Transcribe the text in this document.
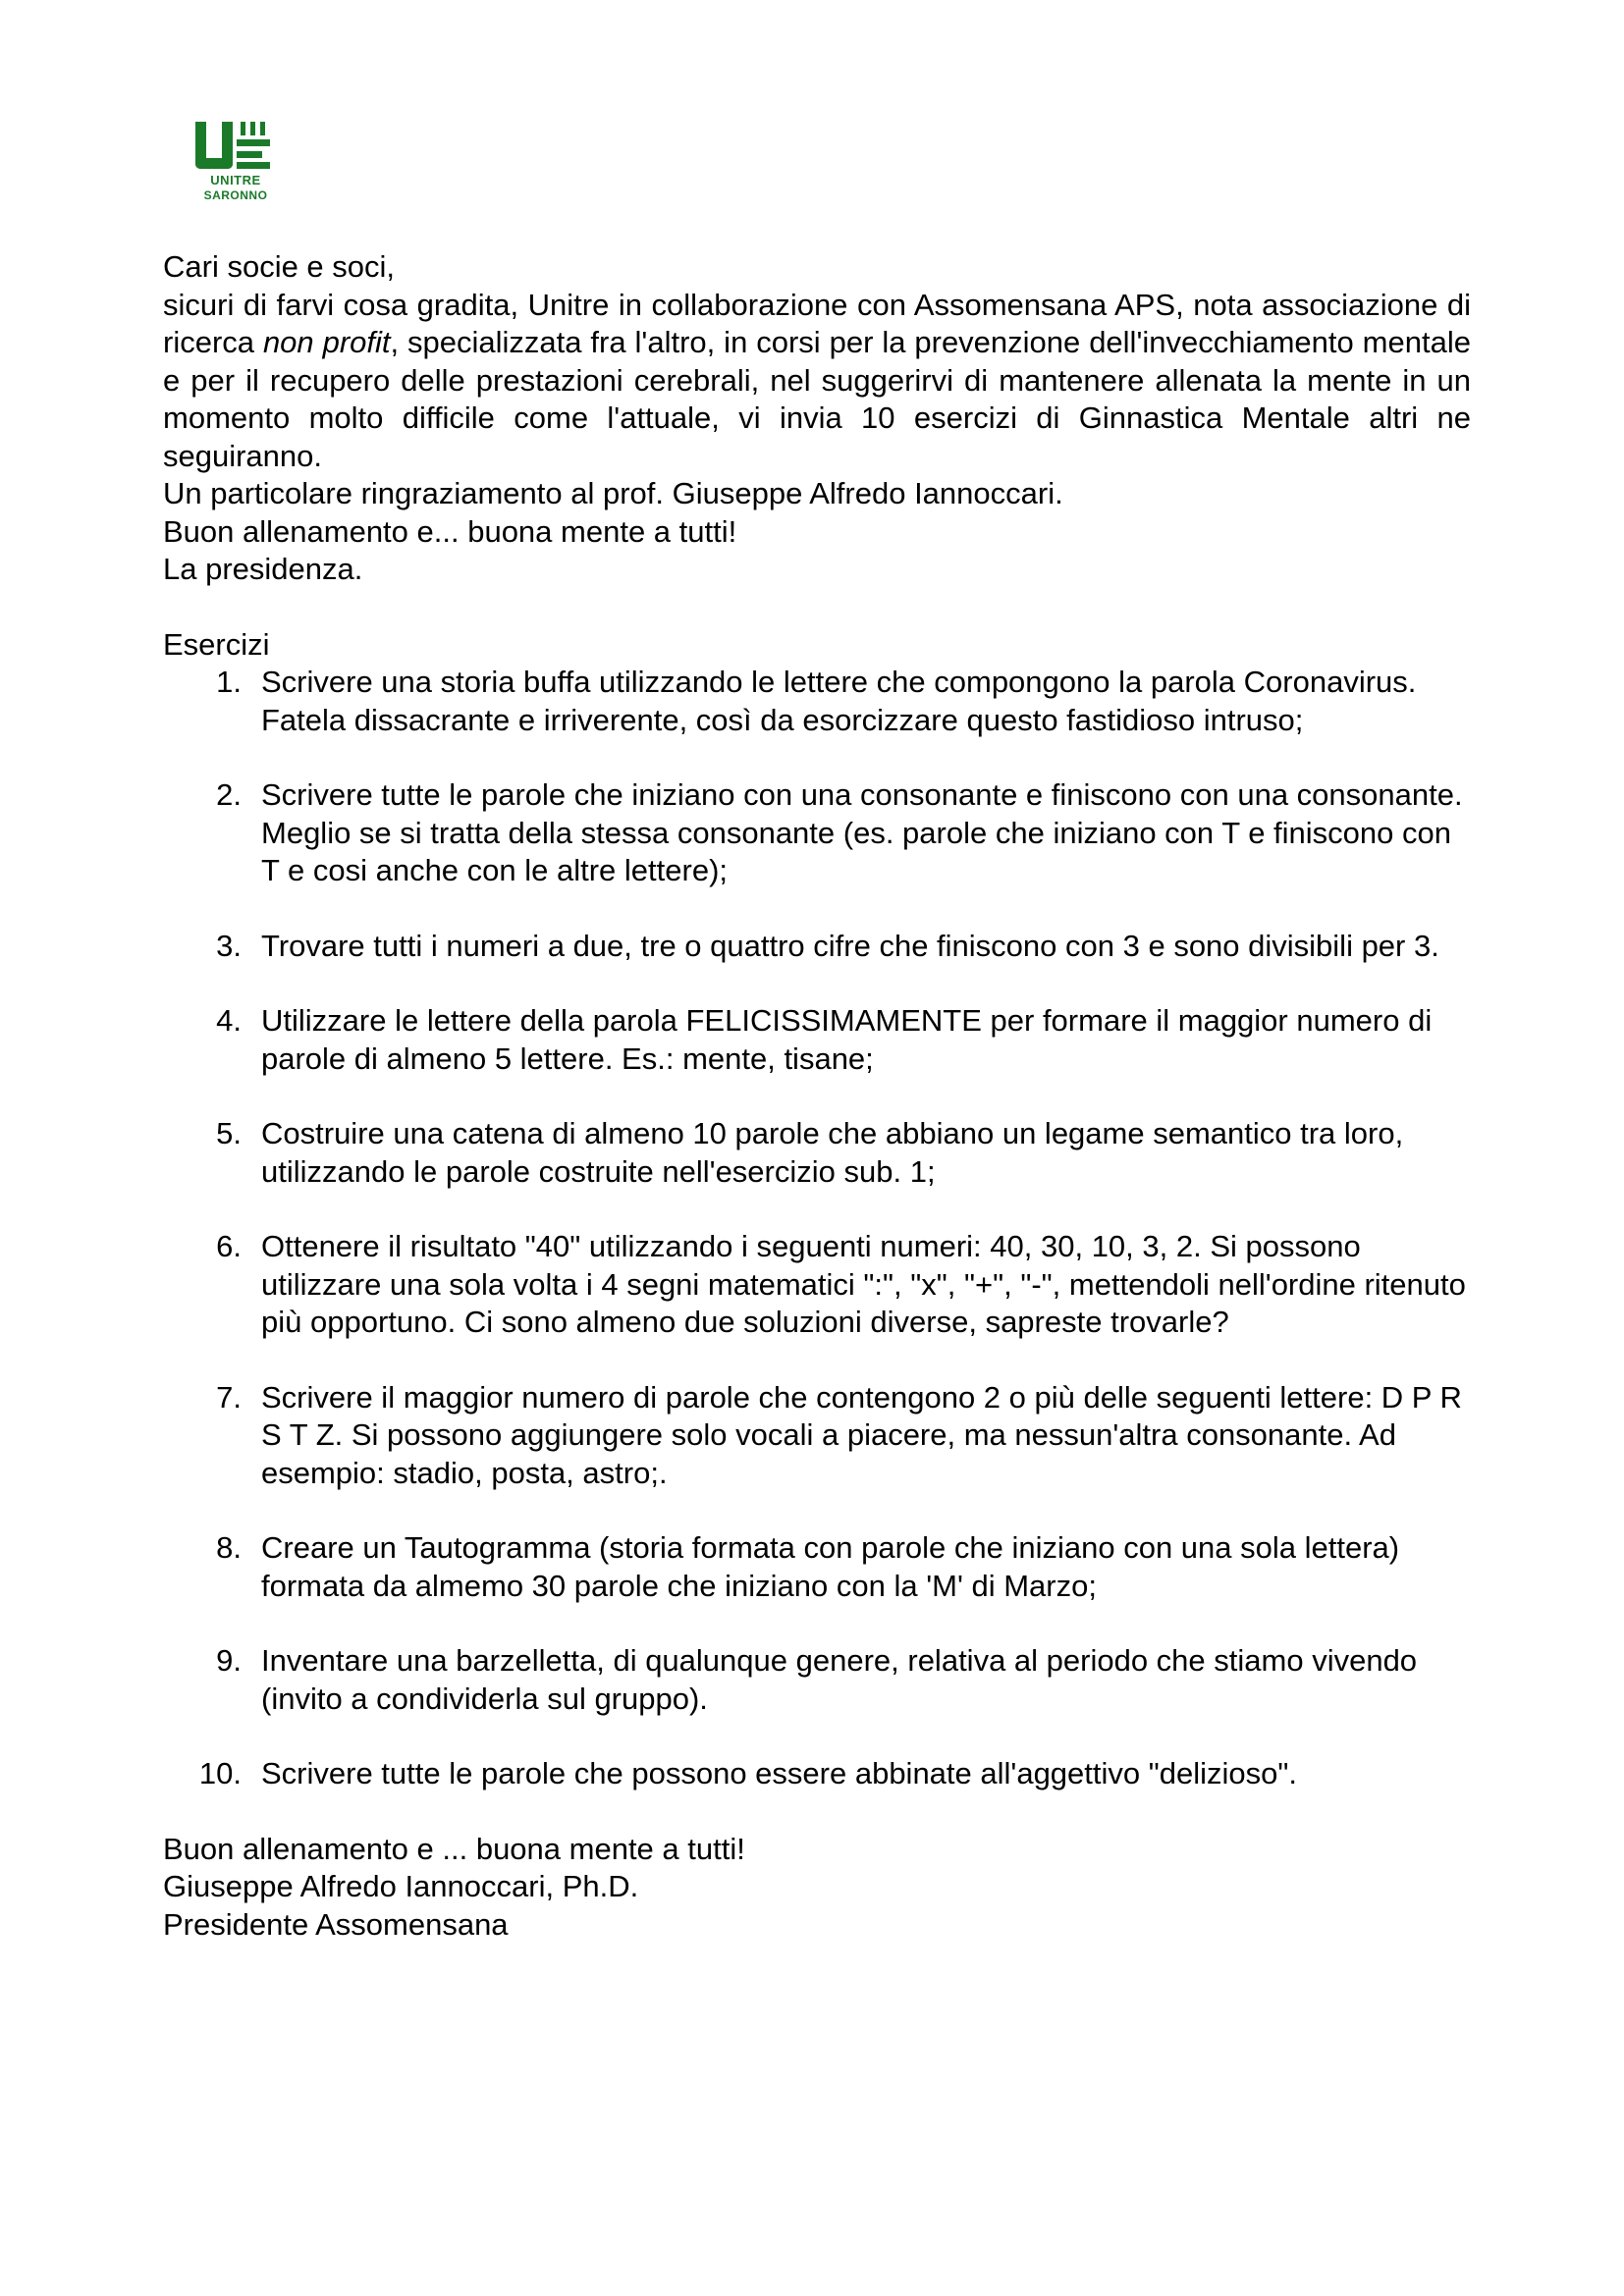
UNITRE
SARONNO

Cari socie e soci,

sicuri di farvi cosa gradita, Unitre in collaborazione con Assomensana APS, nota associazione di ricerca non profit, specializzata fra l'altro, in corsi per la prevenzione dell'invecchiamento mentale e per il recupero delle prestazioni cerebrali, nel suggerirvi di mantenere allenata la mente in un momento molto difficile come l'attuale, vi invia 10 esercizi di Ginnastica Mentale altri ne seguiranno.

Un particolare ringraziamento al prof. Giuseppe Alfredo Iannoccari.

Buon allenamento e... buona mente a tutti!

La presidenza.

Esercizi

1. Scrivere una storia buffa utilizzando le lettere che compongono la parola Coronavirus. Fatela dissacrante e irriverente, così da esorcizzare questo fastidioso intruso;
2. Scrivere tutte le parole che iniziano con una consonante e finiscono con una consonante. Meglio se si tratta della stessa consonante (es. parole che iniziano con T e finiscono con T e cosi anche con le altre lettere);
3. Trovare tutti i numeri a due, tre o quattro cifre che finiscono con 3 e sono divisibili per 3.
4. Utilizzare le lettere della parola FELICISSIMAMENTE per formare il maggior numero di parole di almeno 5 lettere. Es.: mente, tisane;
5. Costruire una catena di almeno 10 parole che abbiano un legame semantico tra loro, utilizzando le parole costruite nell'esercizio sub. 1;
6. Ottenere il risultato "40" utilizzando i seguenti numeri: 40, 30, 10, 3, 2. Si possono utilizzare una sola volta i 4 segni matematici ":", "x", "+", "-", mettendoli nell'ordine ritenuto più opportuno. Ci sono almeno due soluzioni diverse, sapreste trovarle?
7. Scrivere il maggior numero di parole che contengono 2 o più delle seguenti lettere: D P R S T Z. Si possono aggiungere solo vocali a piacere, ma nessun'altra consonante. Ad esempio: stadio, posta, astro;.
8. Creare un Tautogramma (storia formata con parole che iniziano con una sola lettera) formata da almemo 30 parole che iniziano con la 'M' di Marzo;
9. Inventare una barzelletta, di qualunque genere, relativa al periodo che stiamo vivendo (invito a condividerla sul gruppo).
10. Scrivere tutte le parole che possono essere abbinate all'aggettivo "delizioso".

Buon allenamento e ... buona mente a tutti!

Giuseppe Alfredo Iannoccari, Ph.D.

Presidente Assomensana
